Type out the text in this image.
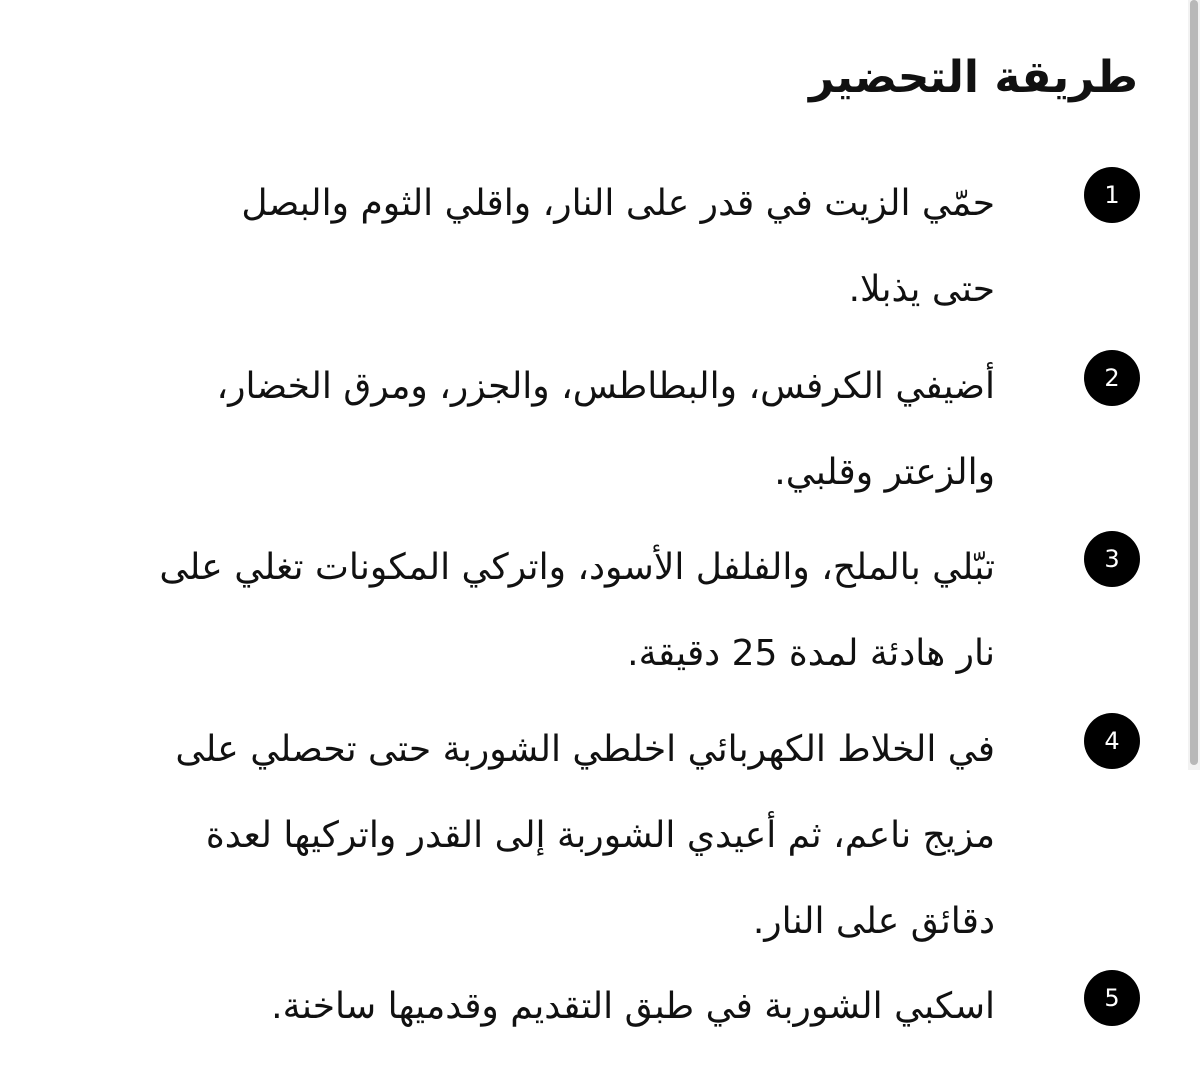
طريقة التحضير
1

حمّي الزيت في قدر على النار، واقلي الثوم والبصل
حتى يذبلا.

2

أضيفي الكرفس، والبطاطس، والجزر، ومرق الخضار،
والزعتر وقلبي.

3

تبّلي بالملح، والفلفل الأسود، واتركي المكونات تغلي على
نار هادئة لمدة 25 دقيقة.

4

في الخلاط الكهربائي اخلطي الشوربة حتى تحصلي على
مزيج ناعم، ثم أعيدي الشوربة إلى القدر واتركيها لعدة
دقائق على النار.

5

اسكبي الشوربة في طبق التقديم وقدميها ساخنة.
